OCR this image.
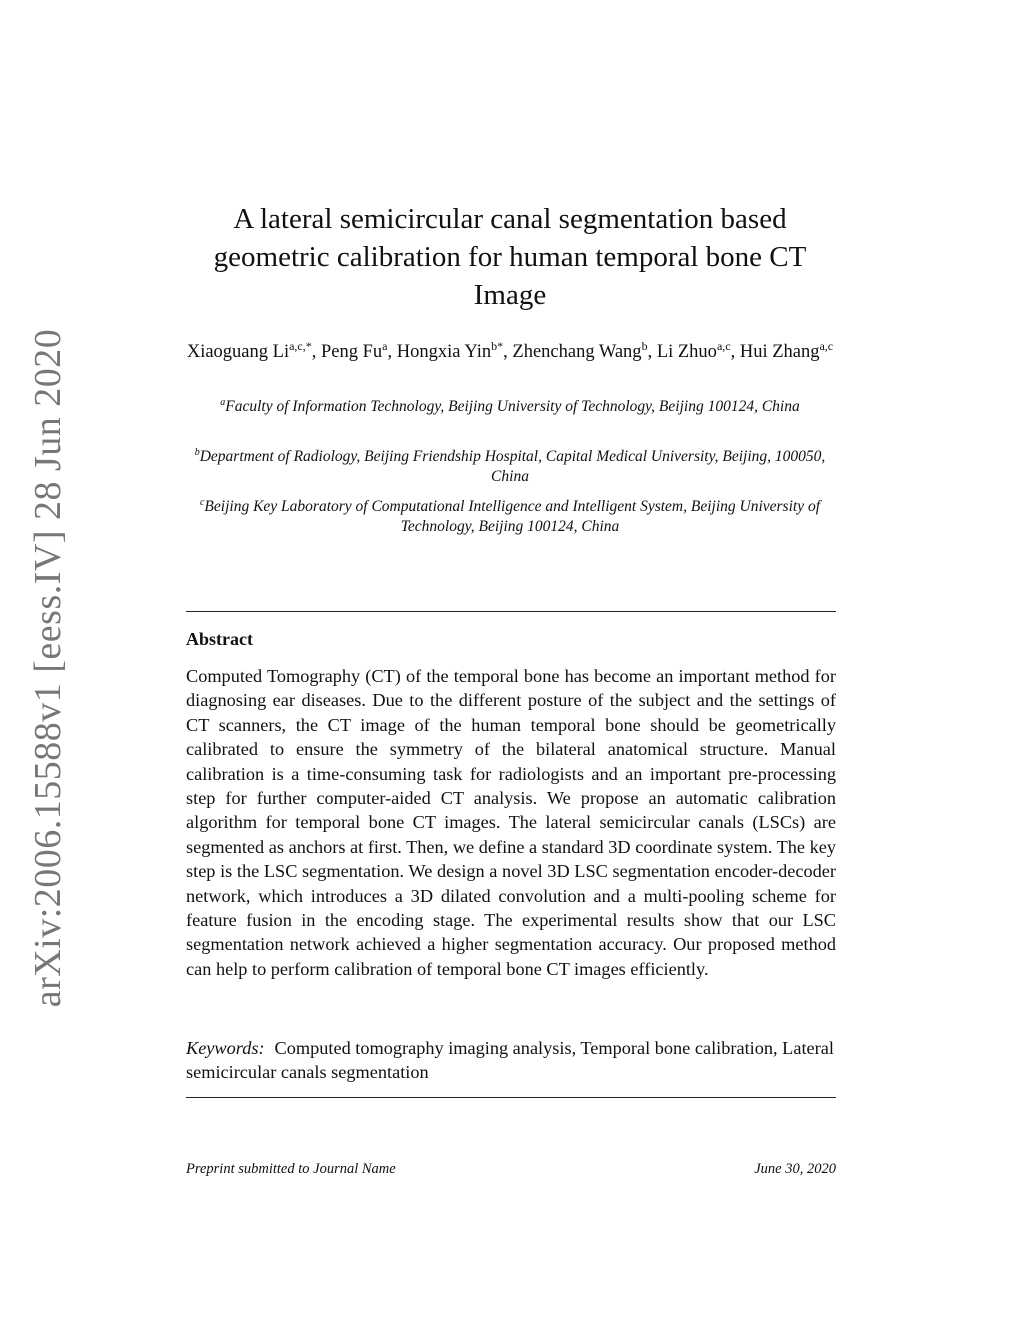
arXiv:2006.15588v1 [eess.IV] 28 Jun 2020
A lateral semicircular canal segmentation based geometric calibration for human temporal bone CT Image
Xiaoguang $Li^{a,c,*}$, Peng Fu$^a$, Hongxia Yin$^{b*}$, Zhenchang Wang$^b$, Li Zhuo$^{a,c}$, Hui Zhang$^{a,c}$
$^a$Faculty of Information Technology, Beijing University of Technology, Beijing 100124, China
$^b$Department of Radiology, Beijing Friendship Hospital, Capital Medical University, Beijing, 100050, China
$^c$Beijing Key Laboratory of Computational Intelligence and Intelligent System, Beijing University of Technology, Beijing 100124, China
Abstract

Computed Tomography (CT) of the temporal bone has become an important method for diagnosing ear diseases. Due to the different posture of the subject and the settings of CT scanners, the CT image of the human temporal bone should be geometrically calibrated to ensure the symmetry of the bilateral anatomical structure. Manual calibration is a time-consuming task for radiologists and an important pre-processing step for further computer-aided CT analysis. We propose an automatic calibration algorithm for temporal bone CT images. The lateral semicircular canals (LSCs) are segmented as anchors at first. Then, we define a standard 3D coordinate system. The key step is the LSC segmentation. We design a novel 3D LSC segmentation encoder-decoder network, which introduces a 3D dilated convolution and a multi-pooling scheme for feature fusion in the encoding stage. The experimental results show that our LSC segmentation network achieved a higher segmentation accuracy. Our proposed method can help to perform calibration of temporal bone CT images efficiently.

Keywords: Computed tomography imaging analysis, Temporal bone calibration, Lateral semicircular canals segmentation

Preprint submitted to Journal Name	June 30, 2020
